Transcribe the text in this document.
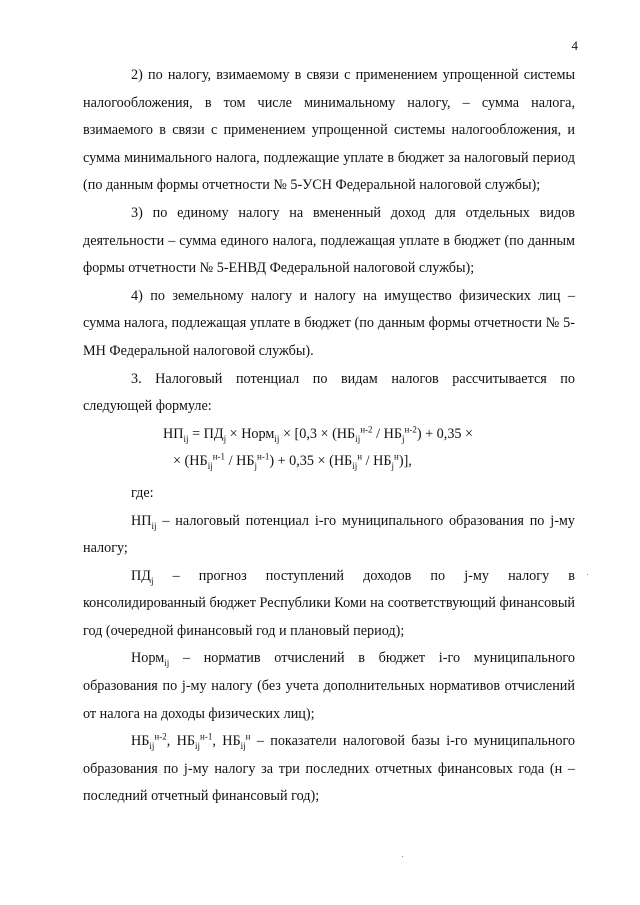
4

2) по налогу, взимаемому в связи с применением упрощенной системы налогообложения, в том числе минимальному налогу, – сумма налога, взимаемого в связи с применением упрощенной системы налогообложения, и сумма минимального налога, подлежащие уплате в бюджет за налоговый период (по данным формы отчетности № 5-УСН Федеральной налоговой службы);

3) по единому налогу на вмененный доход для отдельных видов деятельности – сумма единого налога, подлежащая уплате в бюджет (по данным формы отчетности № 5-ЕНВД Федеральной налоговой службы);

4) по земельному налогу и налогу на имущество физических лиц – сумма налога, подлежащая уплате в бюджет (по данным формы отчетности № 5-МН Федеральной налоговой службы).

3. Налоговый потенциал по видам налогов рассчитывается по следующей формуле:

$НП_{ij} = ПД_j$ × Норм$_{ij}$ × [$0,3 \times (НБ_{ij}^{н-2} / НБ_j^{н-2}) + 0,35$ ×
× $(НБ_{ij}^{н-1} / НБ_j^{н-1}) + 0,35 \times (НБ_{ij}^н / НБ_j^н)$],

где:

$НП_{ij}$ – налоговый потенциал i-го муниципального образования по j-му налогу;

$ПД_j$ – прогноз поступлений доходов по j-му налогу в консолидированный бюджет Республики Коми на соответствующий финансовый год (очередной финансовый год и плановый период);

Норм$_{ij}$ – норматив отчислений в бюджет i-го муниципального образования по j-му налогу (без учета дополнительных нормативов отчислений от налога на доходы физических лиц);

$НБ_{ij}^{н-2}$, $НБ_{ij}^{н-1}$, $НБ_{ij}^н$ – показатели налоговой базы i-го муниципального образования по j-му налогу за три последних отчетных финансовых года (н – последний отчетный финансовый год);
